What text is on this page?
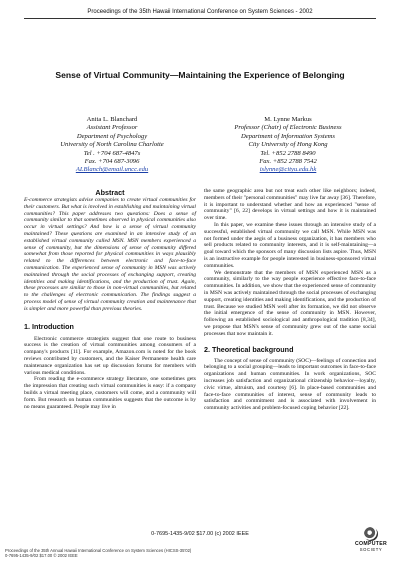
Proceedings of the 35th Hawaii International Conference on System Sciences - 2002
Sense of Virtual Community—Maintaining the Experience of Belonging
Anita L. Blanchard
Assistant Professor
Department of Psychology
University of North Carolina Charlotte
Tel . +704 687-4847s
Fax. +704 687-3096
ALBlanch@email.uncc.edu
M. Lynne Markus
Professor (Chair) of Electronic Business
Department of Information Systems
City University of Hong Kong
Tel. +852 2788 8490
Fax. +852 2788 7542
islynne@cityu.edu.hk

Abstract

E-commerce strategists advise companies to create virtual communities for their customers. But what is involved in establishing and maintaining virtual communities? This paper addresses two questions: Does a sense of community similar to that sometimes observed in physical communities also occur in virtual settings? And how is a sense of virtual community maintained? These questions are examined in an intensive study of an established virtual community called MSN. MSN members experienced a sense of community, but the dimensions of sense of community differed somewhat from those reported for physical communities in ways plausibly related to the differences between electronic and face-to-face communication. The experienced sense of community in MSN was actively maintained through the social processes of exchanging support, creating identities and making identifications, and the production of trust. Again, these processes are similar to those in non-virtual communities, but related to the challenges of electronic communication. The findings suggest a process model of sense of virtual community creation and maintenance that is simpler and more powerful than previous theories.

1. Introduction

Electronic commerce strategists suggest that one route to business success is the creation of virtual communities among consumers of a company's products [11]. For example, Amazon.com is noted for the book reviews contributed by customers, and the Kaiser Permanente health care maintenance organization has set up discussion forums for members with various medical conditions.

From reading the e-commerce strategy literature, one sometimes gets the impression that creating such virtual communities is easy: if a company builds a virtual meeting place, customers will come, and a community will form. But research on human communities suggests that the outcome is by no means guaranteed. People may live in

the same geographic area but not treat each other like neighbors; indeed, members of their "personal communities" may live far away [36]. Therefore, it is important to understand whether and how an experienced "sense of community" [6, 22] develops in virtual settings and how it is maintained over time.

In this paper, we examine these issues through an intensive study of a successful, established virtual community we call MSN. While MSN was not formed under the aegis of a business organization, it has members who sell products related to community interests, and it is self-maintaining—a goal toward which the sponsors of many discussion lists aspire. Thus, MSN is an instructive example for people interested in business-sponsored virtual communities.

We demonstrate that the members of MSN experienced MSN as a community, similarly to the way people experience effective face-to-face communities. In addition, we show that the experienced sense of community in MSN was actively maintained through the social processes of exchanging support, creating identities and making identifications, and the production of trust. Because we studied MSN well after its formation, we did not observe the initial emergence of the sense of community in MSN. However, following an established sociological and anthropological tradition [8,34], we propose that MSN's sense of community grew out of the same social processes that now maintain it.

2. Theoretical background

The concept of sense of community (SOC)—feelings of connection and belonging to a social grouping—leads to important outcomes in face-to-face organizations and human communities. In work organizations, SOC increases job satisfaction and organizational citizenship behavior—loyalty, civic virtue, altruism, and courtesy [6]. In place-based communities and face-to-face communities of interest, sense of community leads to satisfaction and commitment and is associated with involvement in community activities and problem-focused coping behavior [22].

0-7695-1435-9/02 $17.00 (c) 2002 IEEE
Proceedings of the 35th Annual Hawaii International Conference on System Sciences (HICSS-35'02)
0-7695-1435-9/02 $17.00 © 2002 IEEE
COMPUTER
SOCIETY
